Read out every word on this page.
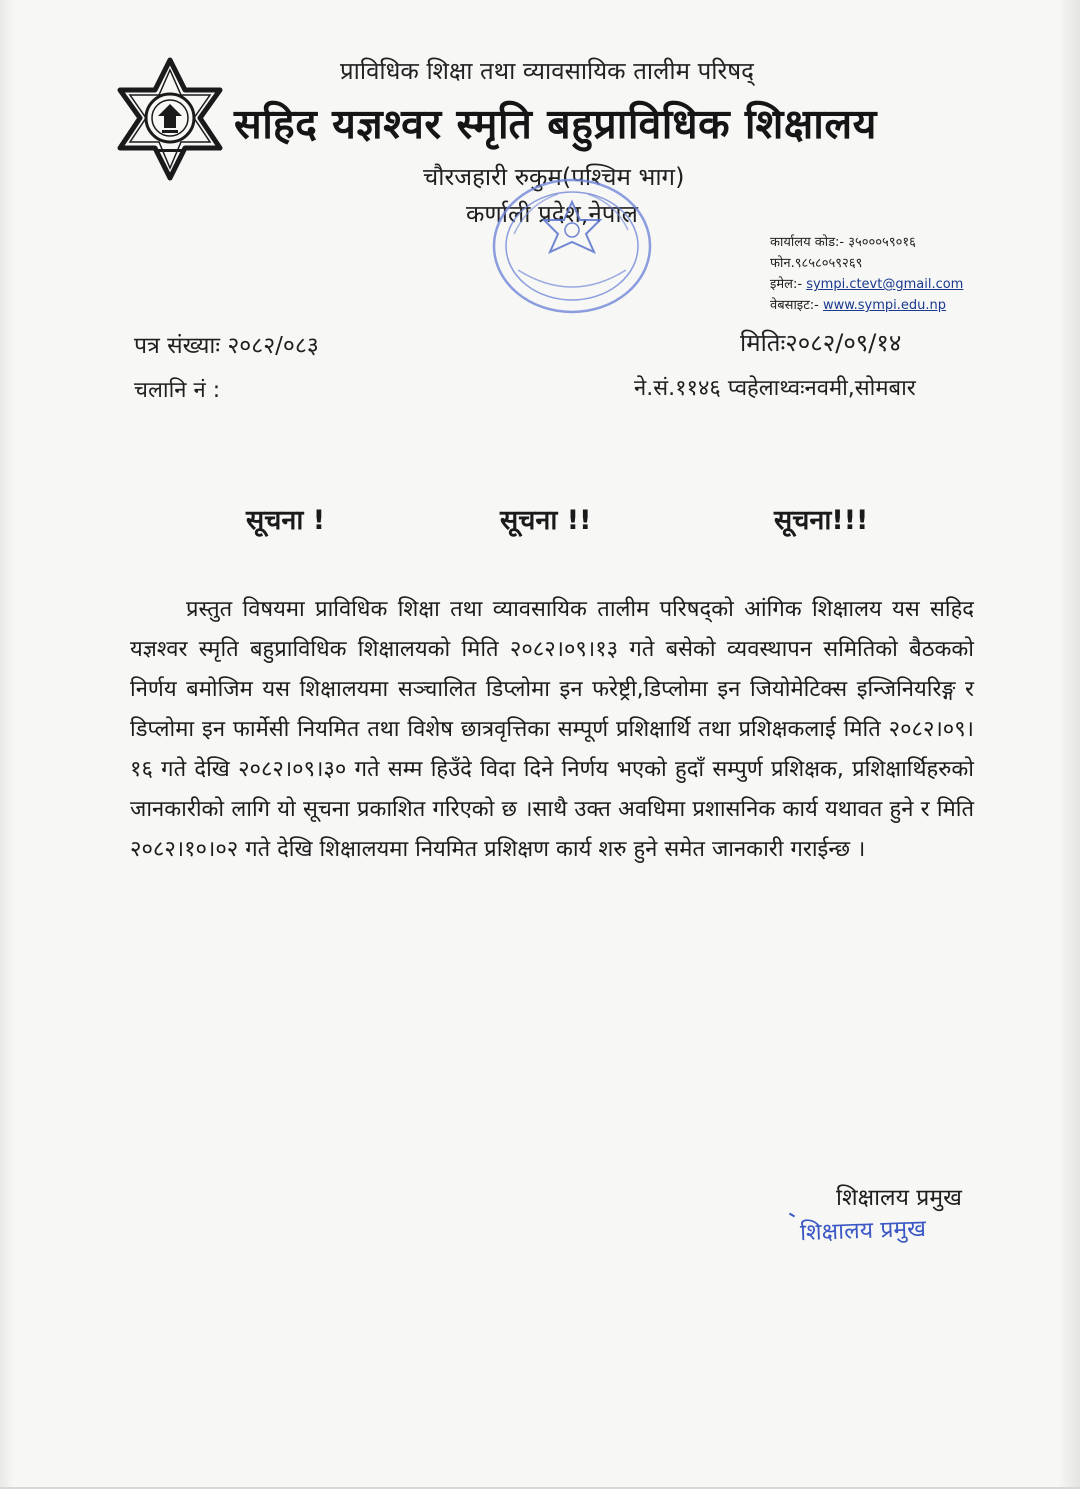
प्राविधिक शिक्षा तथा व्यावसायिक तालीम परिषद्
सहिद यज्ञश्वर स्मृति बहुप्राविधिक शिक्षालय
चौरजहारी रुकुम(पश्चिम भाग)
कर्णाली प्रदेश,नेपाल
कार्यालय कोड:- ३५०००५९०१६
फोन.९८५८०५९२६९
इमेल:- sympi.ctevt@gmail.com
वेबसाइट:- www.sympi.edu.np
पत्र संख्याः २०८२/०८३	मितिः२०८२/०९/१४
चलानि नं :	ने.सं.११४६ प्वहेलाथ्वःनवमी,सोमबार
सूचना !	सूचना !!	सूचना!!!
प्रस्तुत विषयमा प्राविधिक शिक्षा तथा व्यावसायिक तालीम परिषद्को आंगिक शिक्षालय यस सहिद यज्ञश्वर स्मृति बहुप्राविधिक शिक्षालयको मिति २०८२।०९।१३ गते बसेको व्यवस्थापन समितिको बैठकको निर्णय बमोजिम यस शिक्षालयमा सञ्चालित डिप्लोमा इन फरेष्ट्री,डिप्लोमा इन जियोमेटिक्स इन्जिनियरिङ्ग र डिप्लोमा इन फार्मेसी नियमित तथा विशेष छात्रवृत्तिका सम्पूर्ण प्रशिक्षार्थि तथा प्रशिक्षकलाई मिति २०८२।०९।१६ गते देखि २०८२।०९।३० गते सम्म हिउँदे विदा दिने निर्णय भएको हुदाँ सम्पुर्ण प्रशिक्षक, प्रशिक्षार्थिहरुको जानकारीको लागि यो सूचना प्रकाशित गरिएको छ ।साथै उक्त अवधिमा प्रशासनिक कार्य यथावत हुने र मिति २०८२।१०।०२ गते देखि शिक्षालयमा नियमित प्रशिक्षण कार्य शरु हुने समेत जानकारी गराईन्छ ।
शिक्षालय प्रमुख
शिक्षालय प्रमुख
